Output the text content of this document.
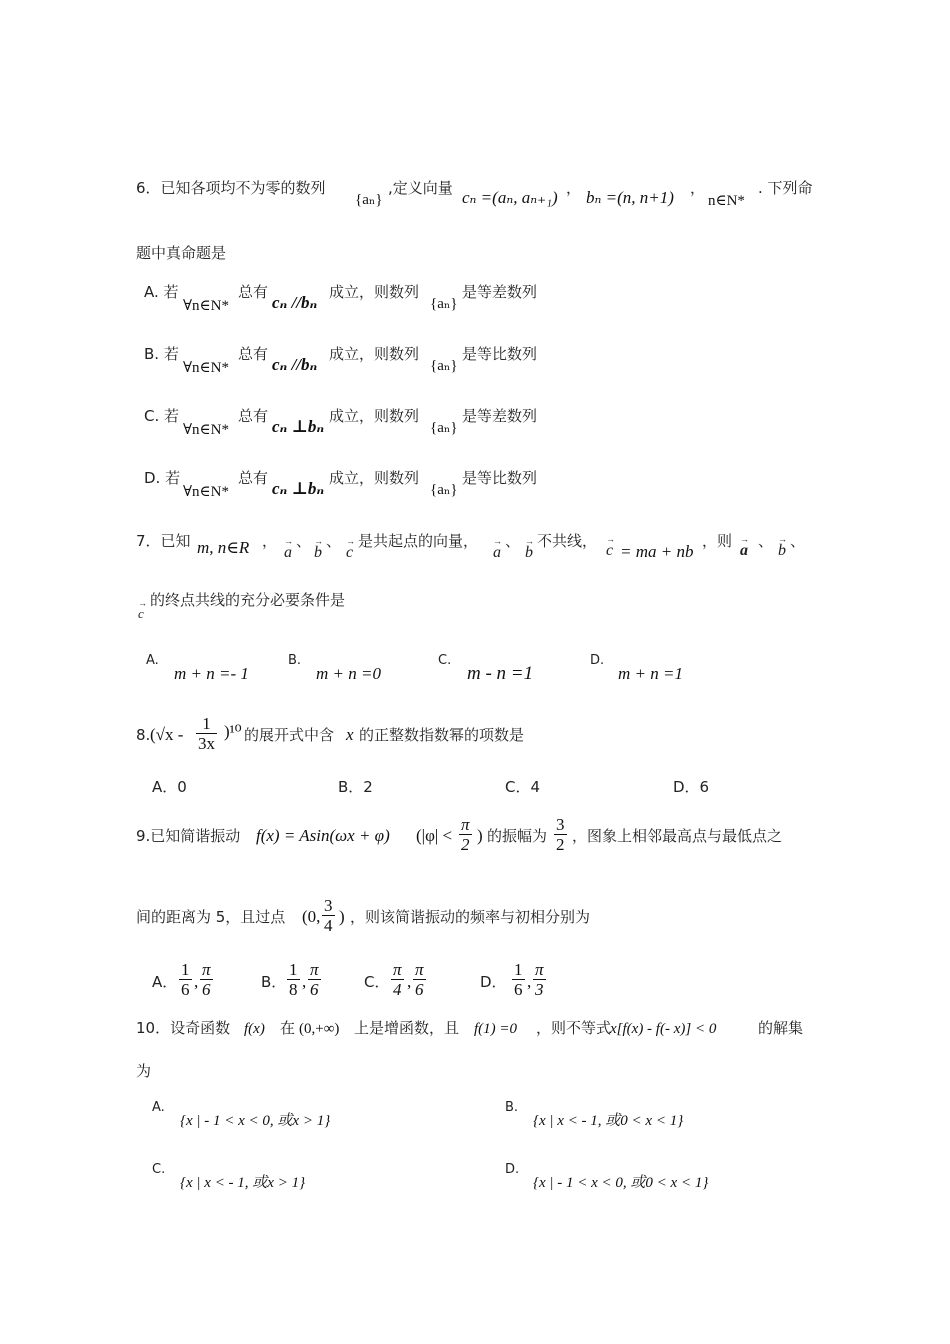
6．已知各项均不为零的数列
{aₙ}
,定义向量 cₙ =(aₙ, aₙ₊₁) ， bₙ =(n, n+1) ，
n∈N*
. 下列命
题中真命题是
A. 若
∀n∈N*
总有
cₙ //bₙ
成立，则数列
{aₙ}
是等差数列
B. 若
∀n∈N*
总有
cₙ //bₙ
成立，则数列
{aₙ}
是等比数列
C. 若
∀n∈N*
总有
cₙ ⊥bₙ
成立，则数列
{aₙ}
是等差数列
D. 若
∀n∈N*
总有
cₙ ⊥bₙ
成立，则数列
{aₙ}
是等比数列
7．已知 m, n∈R ，
→ a
、
→ b
、
→ c
是共起点的向量，
→ a
、
→ b
不共线，
→ c = ma + nb
，则
→ a
、
→ b
、
→ c
的终点共线的充分必要条件是
A.
m + n =- 1
B.
m + n =0
C.
m - n =1
D.
m + n =1
8. $(√x - \frac{1}{3x} )^{10}$ 的展开式中含 x 的正整数指数幂的项数是
A．0	B．2	C．4	D．6
9.已知简谐振动 f(x) = Asin(ωx + φ) ($|\varphi| < \frac{\pi}{2}$ ) 的振幅为 $\frac{3}{2}$ ，图象上相邻最高点与最低点之
间的距离为 5，且过点 (0, $\frac{3}{4}$ ) ，则该简谐振动的频率与初相分别为
A． $\frac{1}{6}$ , $\frac{\pi}{6}$	B． $\frac{1}{8}$ , $\frac{\pi}{6}$	C． $\frac{\pi}{4}$ , $\frac{\pi}{6}$	D． $\frac{1}{6}$ , $\frac{\pi}{3}$
10．设奇函数 f(x) 在 (0,+∞) 上是增函数，且 f(1) =0 ，则不等式
x[f(x) - f(- x)] < 0	的解集
为
A.
{x | - 1 < x < 0, 或x > 1}
B.
{x | x < - 1, 或0 < x < 1}
C.
{x | x < - 1, 或x > 1}
D.
{x | - 1 < x < 0, 或0 < x < 1}
